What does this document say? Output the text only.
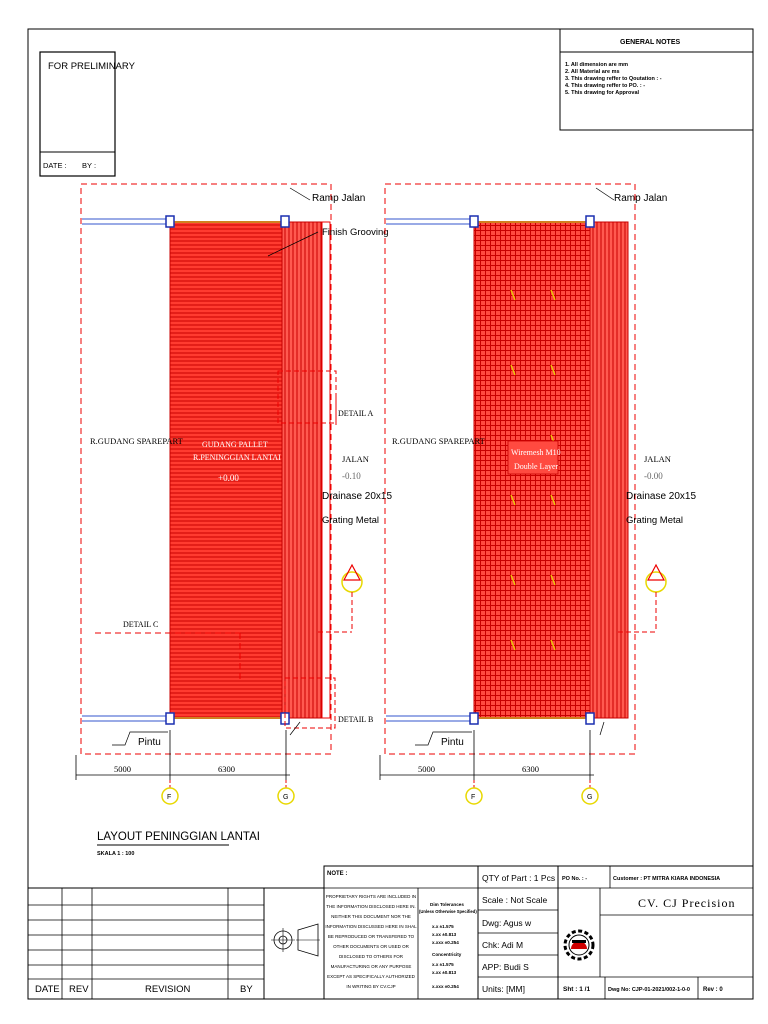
FOR PRELIMINARY
DATE : BY :
GENERAL NOTES
1. All dimension are mm
2. All Material are ms
3. This drawing reffer to Qoutation : -
4. This drawing reffer to PO. : -
5. This drawing for Approval
Ramp Jalan
Finish Grooving
R.GUDANG SPAREPART GUDANG PALLET
R.PENINGGIAN LANTAI
+0.00
JALAN
-0.10
Drainase 20x15
Grating Metal
DETAIL A
DETAIL B
DETAIL C
Pintu
5000	6300
F	G
Ramp Jalan
R.GUDANG SPAREPART
Wiremesh M10
Double Layer
JALAN
-0.00
Drainase 20x15
Grating Metal
Pintu
5000	6300
F	G
LAYOUT PENINGGIAN LANTAI
SKALA 1 : 100
DATE REV	REVISION	BY
NOTE :
PROPRIETARY RIGHTS ARE INCLUDED IN
THE INFORMATION DISCLOSED HERE IN.
NEITHER THIS DOCUMENT NOR THE
INFORMATION DISCUSSED HERE IN SHAL
BE REPRODUCED OR TRANSFERED TO
OTHER DOCUMENTS OR USED OR
DISCLOSED TO OTHERS FOR
MANUFACTURING OR ANY PURPOSE
EXCEPT AS SPECIFICALLY AUTHORIZED
IN WRITING BY CV.CJP
Dim Tolerances
(Unless Otherwise Specified)
x.x ±1.575
x.xx ±0.813
x.xxx ±0.254
Concentricity
x.x ±1.575
x.xx ±0.813
x.xxx ±0.254
QTY of Part : 1 Pcs
Scale : Not Scale
Dwg: Agus w
Chk: Adi M
APP: Budi S
Units: [MM]
PO No. : -	Customer : PT MITRA KIARA INDONESIA
CV. CJ Precision
Sht : 1 /1	Dwg No: CJP-01-2021/002-1-0-0 Rev : 0
